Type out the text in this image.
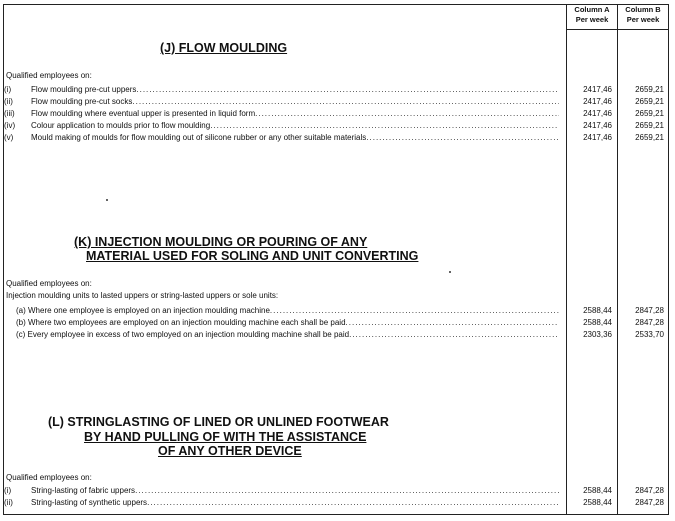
Column A
Per week
Column B
Per week
(J) FLOW MOULDING
Qualified employees on:
(i)	Flow moulding pre-cut uppers .....	2417,46	2659,21
(ii)	Flow moulding pre-cut socks .....	2417,46	2659,21
(iii)	Flow moulding where eventual upper is presented in liquid form .....	2417,46	2659,21
(iv)	Colour application to moulds prior to flow moulding .....	2417,46	2659,21
(v)	Mould making of moulds for flow moulding out of silicone rubber or any other suitable materials .....	2417,46	2659,21
(K) INJECTION MOULDING OR POURING OF ANY
MATERIAL USED FOR SOLING AND UNIT CONVERTING
Qualified employees on:
Injection moulding units to lasted uppers or string-lasted uppers or sole units:
(a) Where one employee is employed on an injection moulding machine .....	2588,44	2847,28
(b) Where two employees are employed on an injection moulding machine each shall be paid .....	2588,44	2847,28
(c) Every employee in excess of two employed on an injection moulding machine shall be paid .....	2303,36	2533,70
(L) STRINGLASTING OF LINED OR UNLINED FOOTWEAR
BY HAND PULLING OF WITH THE ASSISTANCE
OF ANY OTHER DEVICE
Qualified employees on:
(i)	String-lasting of fabric uppers .....	2588,44	2847,28
(ii)	String-lasting of synthetic uppers .....	2588,44	2847,28
